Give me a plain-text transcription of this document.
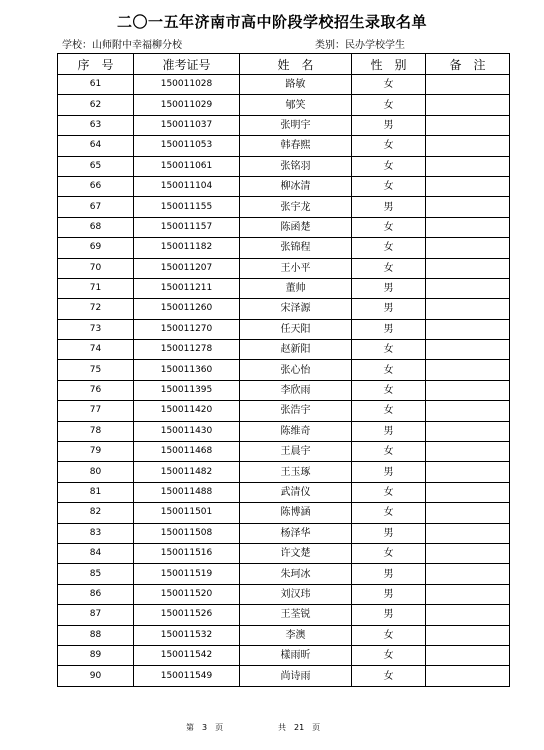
二〇一五年济南市高中阶段学校招生录取名单
学校：山师附中幸福柳分校	类别：民办学校学生
序　号	准考证号	姓　名	性　别	备　注
61	150011028	路敏	女	
62	150011029	郇笑	女	
63	150011037	张明宇	男	
64	150011053	韩春熙	女	
65	150011061	张铭羽	女	
66	150011104	柳冰清	女	
67	150011155	张宇龙	男	
68	150011157	陈函楚	女	
69	150011182	张锦程	女	
70	150011207	王小平	女	
71	150011211	董帅	男	
72	150011260	宋泽源	男	
73	150011270	任天阳	男	
74	150011278	赵新阳	女	
75	150011360	张心怡	女	
76	150011395	李欣雨	女	
77	150011420	张浩宇	女	
78	150011430	陈维奇	男	
79	150011468	王晨宇	女	
80	150011482	王玉琢	男	
81	150011488	武清仪	女	
82	150011501	陈博涵	女	
83	150011508	杨泽华	男	
84	150011516	许文楚	女	
85	150011519	朱珂冰	男	
86	150011520	刘汉玮	男	
87	150011526	王荃锐	男	
88	150011532	李澳	女	
89	150011542	樣雨昕	女	
90	150011549	尚诗雨	女	
第　3　页	共　21　页
